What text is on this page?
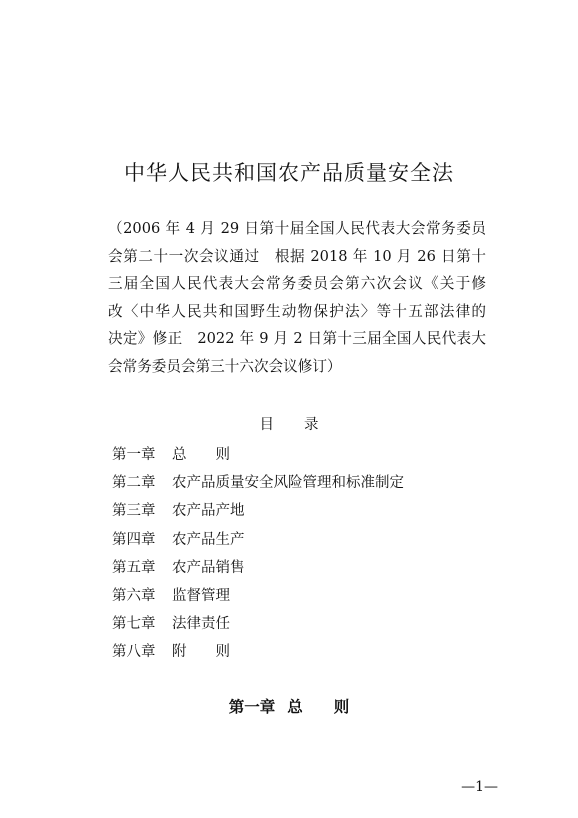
中华人民共和国农产品质量安全法
（2006 年 4 月 29 日第十届全国人民代表大会常务委员
会第二十一次会议通过　根据 2018 年 10 月 26 日第十
三届全国人民代表大会常务委员会第六次会议《关于修
改〈中华人民共和国野生动物保护法〉等十五部法律的
决定》修正　2022 年 9 月 2 日第十三届全国人民代表大
会常务委员会第三十六次会议修订）
目 录
第一章 总　　则
第二章 农产品质量安全风险管理和标准制定
第三章 农产品产地
第四章 农产品生产
第五章 农产品销售
第六章 监督管理
第七章 法律责任
第八章 附　　则
第一章 总　　则
—1—
